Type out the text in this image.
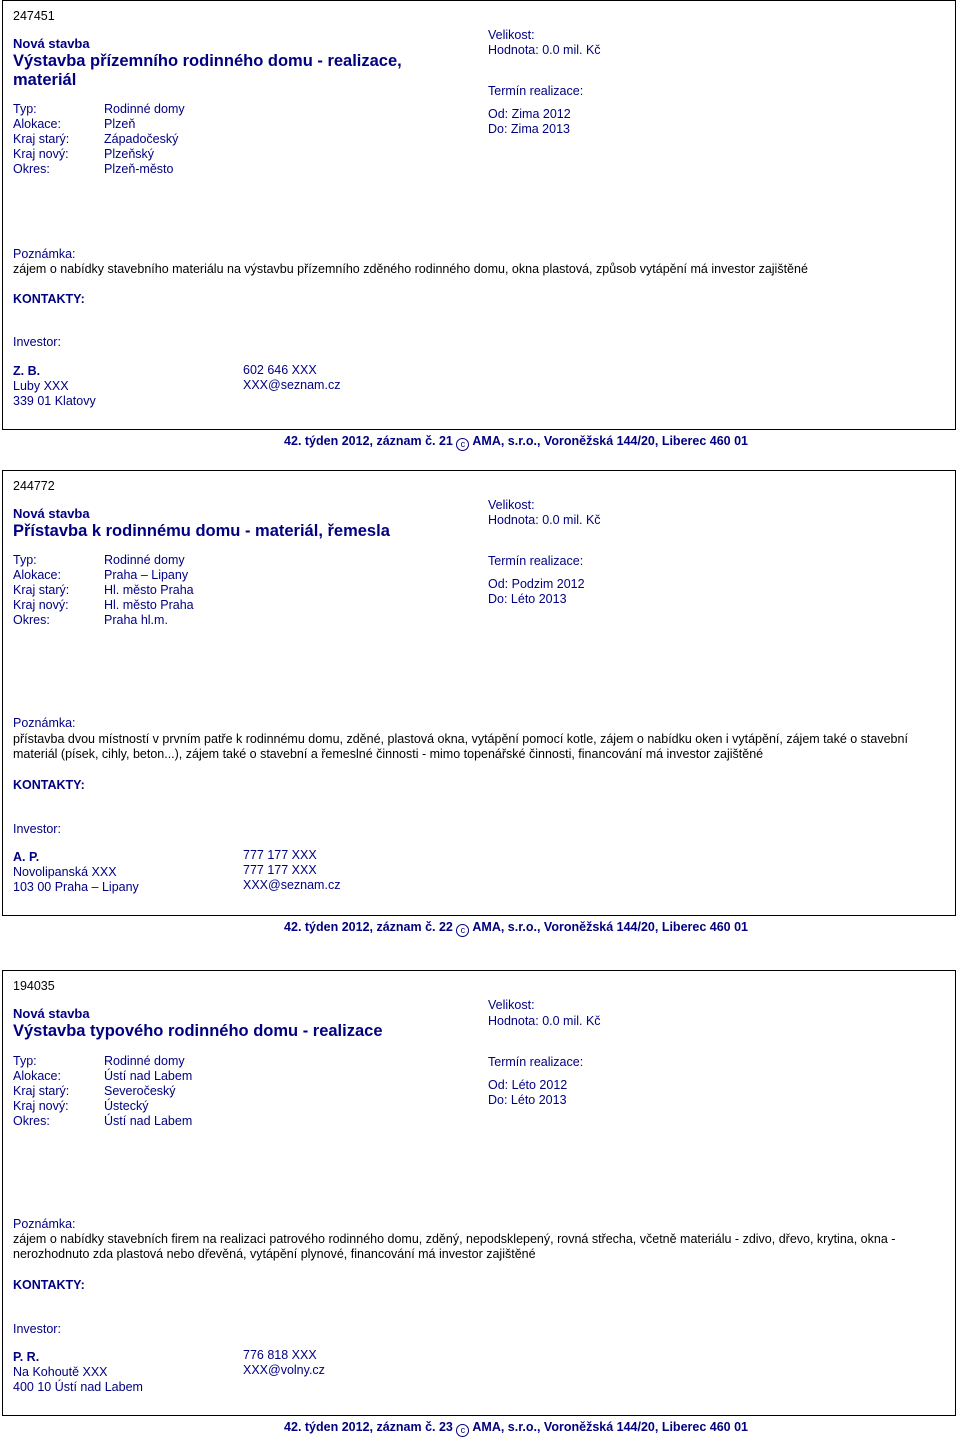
247451
Nová stavba
Výstavba přízemního rodinného domu - realizace,
materiál
Typ:	Rodinné domy
Alokace:	Plzeň
Kraj starý:	Západočeský
Kraj nový:	Plzeňský
Okres:	Plzeň-město
Velikost:
Hodnota: 0.0 mil. Kč
Termín realizace:
Od: Zima 2012
Do: Zima 2013
Poznámka:
zájem o nabídky stavebního materiálu na výstavbu přízemního zděného rodinného domu, okna plastová, způsob vytápění má investor zajištěné
KONTAKTY:
Investor:
Z. B.
Luby XXX
339 01 Klatovy
602 646 XXX
XXX@seznam.cz
42. týden 2012, záznam č. 21 c AMA, s.r.o., Voroněžská 144/20, Liberec 460 01
244772
Nová stavba
Přístavba k rodinnému domu - materiál, řemesla
Typ:	Rodinné domy
Alokace:	Praha – Lipany
Kraj starý:	Hl. město Praha
Kraj nový:	Hl. město Praha
Okres:	Praha hl.m.
Velikost:
Hodnota: 0.0 mil. Kč
Termín realizace:
Od: Podzim 2012
Do: Léto 2013
Poznámka:
přístavba dvou místností v prvním patře k rodinnému domu, zděné, plastová okna, vytápění pomocí kotle, zájem o nabídku oken i vytápění, zájem také o stavební materiál (písek, cihly, beton...), zájem také o stavební a řemeslné činnosti - mimo topenářské činnosti, financování má investor zajištěné
KONTAKTY:
Investor:
A. P.
Novolipanská XXX
103 00 Praha – Lipany
777 177 XXX
777 177 XXX
XXX@seznam.cz
42. týden 2012, záznam č. 22 c AMA, s.r.o., Voroněžská 144/20, Liberec 460 01
194035
Nová stavba
Výstavba typového rodinného domu - realizace
Typ:	Rodinné domy
Alokace:	Ústí nad Labem
Kraj starý:	Severočeský
Kraj nový:	Ústecký
Okres:	Ústí nad Labem
Velikost:
Hodnota: 0.0 mil. Kč
Termín realizace:
Od: Léto 2012
Do: Léto 2013
Poznámka:
zájem o nabídky stavebních firem na realizaci patrového rodinného domu, zděný, nepodsklepený, rovná střecha, včetně materiálu - zdivo, dřevo, krytina, okna - nerozhodnuto zda plastová nebo dřevěná, vytápění plynové, financování má investor zajištěné
KONTAKTY:
Investor:
P. R.
Na Kohoutě XXX
400 10 Ústí nad Labem
776 818 XXX
XXX@volny.cz
42. týden 2012, záznam č. 23 c AMA, s.r.o., Voroněžská 144/20, Liberec 460 01
